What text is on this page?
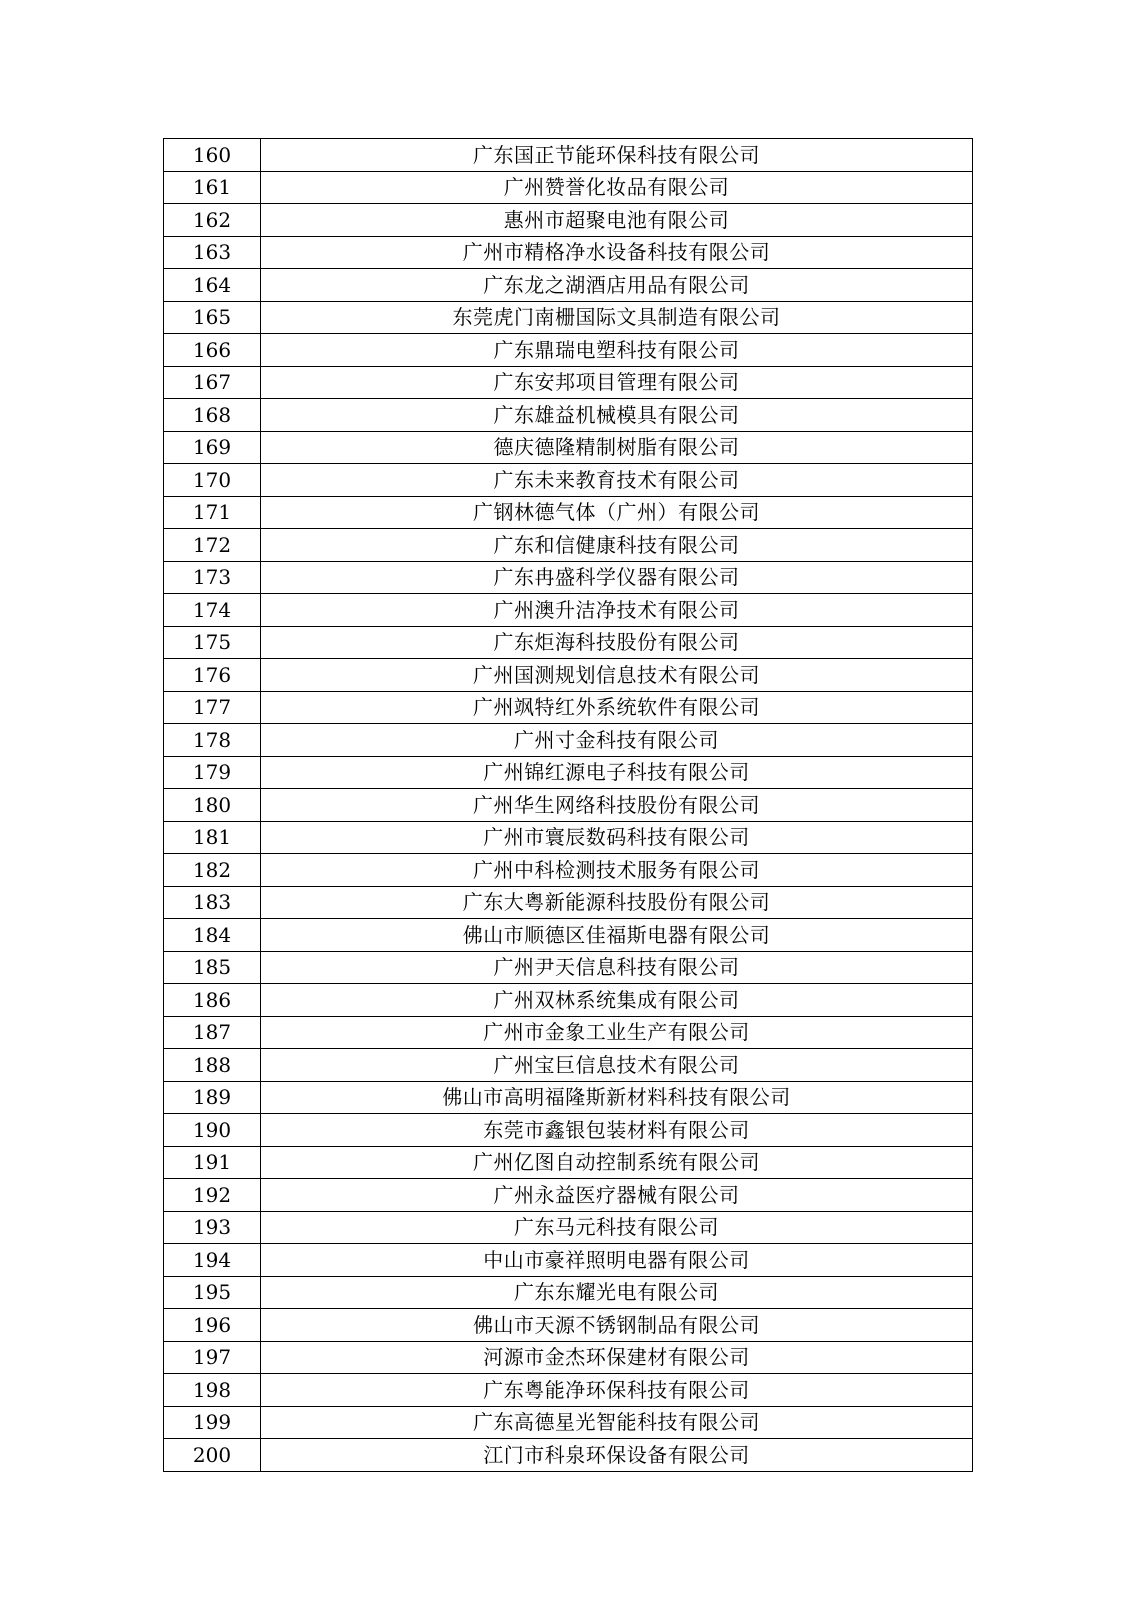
160	广东国正节能环保科技有限公司
161	广州赞誉化妆品有限公司
162	惠州市超聚电池有限公司
163	广州市精格净水设备科技有限公司
164	广东龙之湖酒店用品有限公司
165	东莞虎门南栅国际文具制造有限公司
166	广东鼎瑞电塑科技有限公司
167	广东安邦项目管理有限公司
168	广东雄益机械模具有限公司
169	德庆德隆精制树脂有限公司
170	广东未来教育技术有限公司
171	广钢林德气体（广州）有限公司
172	广东和信健康科技有限公司
173	广东冉盛科学仪器有限公司
174	广州澳升洁净技术有限公司
175	广东炬海科技股份有限公司
176	广州国测规划信息技术有限公司
177	广州飒特红外系统软件有限公司
178	广州寸金科技有限公司
179	广州锦红源电子科技有限公司
180	广州华生网络科技股份有限公司
181	广州市寰辰数码科技有限公司
182	广州中科检测技术服务有限公司
183	广东大粤新能源科技股份有限公司
184	佛山市顺德区佳福斯电器有限公司
185	广州尹天信息科技有限公司
186	广州双林系统集成有限公司
187	广州市金象工业生产有限公司
188	广州宝巨信息技术有限公司
189	佛山市高明福隆斯新材料科技有限公司
190	东莞市鑫银包装材料有限公司
191	广州亿图自动控制系统有限公司
192	广州永益医疗器械有限公司
193	广东马元科技有限公司
194	中山市豪祥照明电器有限公司
195	广东东耀光电有限公司
196	佛山市天源不锈钢制品有限公司
197	河源市金杰环保建材有限公司
198	广东粤能净环保科技有限公司
199	广东高德星光智能科技有限公司
200	江门市科泉环保设备有限公司
